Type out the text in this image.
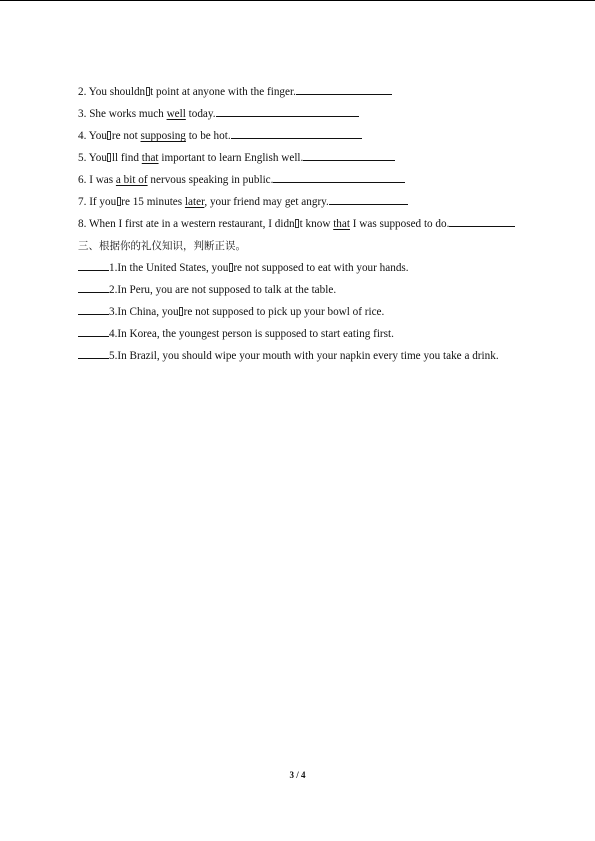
2. You shouldn t point at anyone with the finger.
3. She works much well today.
4. You re not supposing to be hot.
5. You ll find that important to learn English well.
6. I was a bit of nervous speaking in public.
7. If you re 15 minutes later, your friend may get angry.
8. When I first ate in a western restaurant, I didn t know that I was supposed to do.
三、根据你的礼仪知识，判断正误。
1.In the United States, you re not supposed to eat with your hands.
2.In Peru, you are not supposed to talk at the table.
3.In China, you re not supposed to pick up your bowl of rice.
4.In Korea, the youngest person is supposed to start eating first.
5.In Brazil, you should wipe your mouth with your napkin every time you take a drink.
3 / 4
